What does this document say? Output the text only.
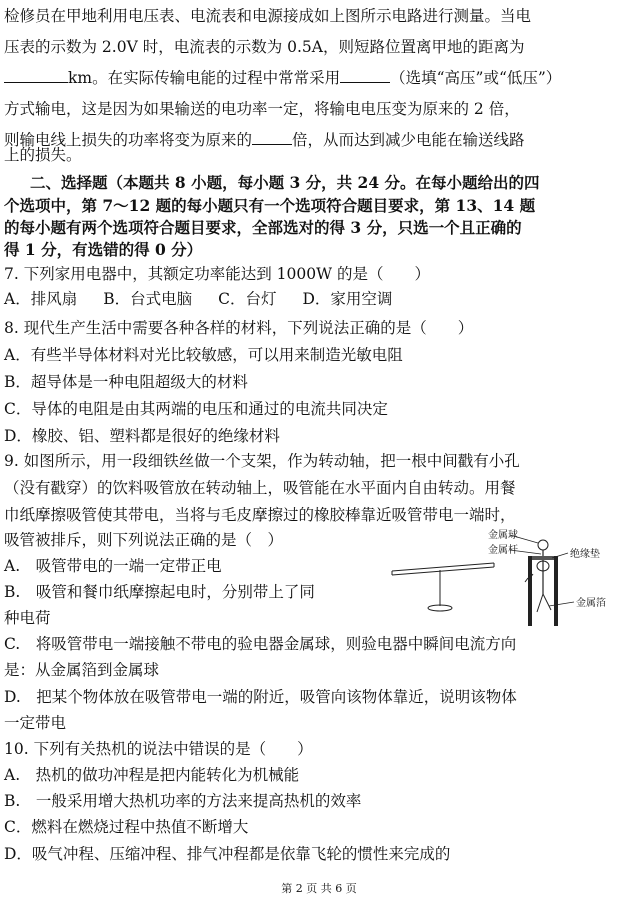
检修员在甲地利用电压表、电流表和电源接成如上图所示电路进行测量。当电
压表的示数为 2.0V 时，电流表的示数为 0.5A，则短路位置离甲地的距离为
km。在实际传输电能的过程中常常采用	（选填“高压”或“低压”）
方式输电，这是因为如果输送的电功率一定，将输电电压变为原来的 2 倍，
则输电线上损失的功率将变为原来的	倍，从而达到减少电能在输送线路
上的损失。
二、选择题（本题共 8 小题，每小题 3 分，共 24 分。在每小题给出的四
个选项中，第 7～12 题的每小题只有一个选项符合题目要求，第 13、14 题
的每小题有两个选项符合题目要求，全部选对的得 3 分，只选一个且正确的
得 1 分，有选错的得 0 分）
7. 下列家用电器中，其额定功率能达到 1000W 的是（　　）
A．排风扇 B．台式电脑 C．台灯 D．家用空调
8. 现代生产生活中需要各种各样的材料，下列说法正确的是（　　）
A．有些半导体材料对光比较敏感，可以用来制造光敏电阻
B．超导体是一种电阻超级大的材料
C．导体的电阻是由其两端的电压和通过的电流共同决定
D．橡胶、铝、塑料都是很好的绝缘材料
9. 如图所示，用一段细铁丝做一个支架，作为转动轴，把一根中间戳有小孔
（没有戳穿）的饮料吸管放在转动轴上，吸管能在水平面内自由转动。用餐
巾纸摩擦吸管使其带电，当将与毛皮摩擦过的橡胶棒靠近吸管带电一端时，
吸管被排斥，则下列说法正确的是（　）
A.　吸管带电的一端一定带正电
B.　吸管和餐巾纸摩擦起电时，分别带上了同
种电荷
C.　将吸管带电一端接触不带电的验电器金属球，则验电器中瞬间电流方向
是：从金属箔到金属球
D.　把某个物体放在吸管带电一端的附近，吸管向该物体靠近，说明该物体
一定带电
金属球
金属杆	绝缘垫
金属箔
10. 下列有关热机的说法中错误的是（　　）
A.　热机的做功冲程是把内能转化为机械能
B.　一般采用增大热机功率的方法来提高热机的效率
C．燃料在燃烧过程中热值不断增大
D．吸气冲程、压缩冲程、排气冲程都是依靠飞轮的惯性来完成的
第 2 页 共 6 页
